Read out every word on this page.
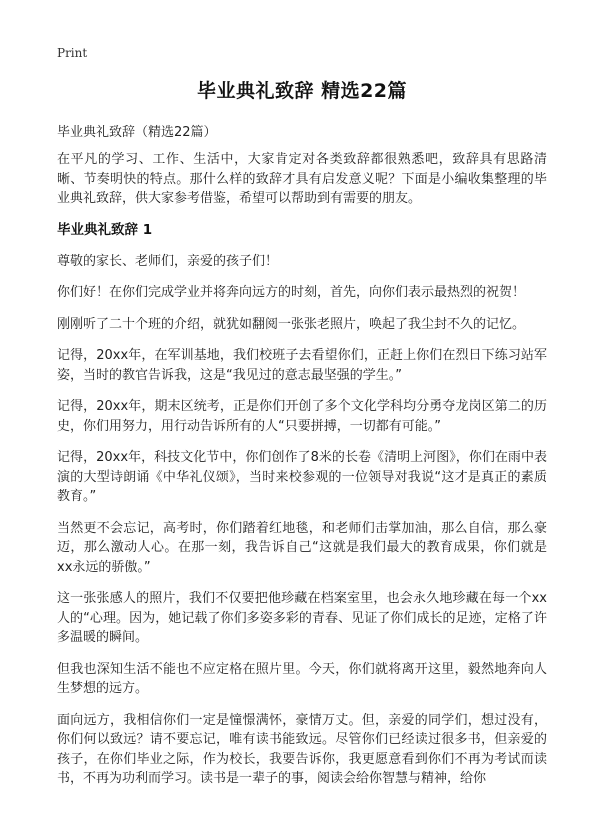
Print
毕业典礼致辞 精选22篇
毕业典礼致辞（精选22篇）

在平凡的学习、工作、生活中，大家肯定对各类致辞都很熟悉吧，致辞具有思路清晰、节奏明快的特点。那什么样的致辞才具有启发意义呢？下面是小编收集整理的毕业典礼致辞，供大家参考借鉴，希望可以帮助到有需要的朋友。

毕业典礼致辞 1

尊敬的家长、老师们，亲爱的孩子们！

你们好！在你们完成学业并将奔向远方的时刻，首先，向你们表示最热烈的祝贺！

刚刚听了二十个班的介绍，就犹如翻阅一张张老照片，唤起了我尘封不久的记忆。

记得，20xx年，在军训基地，我们校班子去看望你们，正赶上你们在烈日下练习站军姿，当时的教官告诉我，这是“我见过的意志最坚强的学生。”

记得，20xx年，期末区统考，正是你们开创了多个文化学科均分勇夺龙岗区第二的历史，你们用努力，用行动告诉所有的人“只要拼搏，一切都有可能。”

记得，20xx年，科技文化节中，你们创作了8米的长卷《清明上河图》，你们在雨中表演的大型诗朗诵《中华礼仪颂》，当时来校参观的一位领导对我说“这才是真正的素质教育。”

当然更不会忘记，高考时，你们踏着红地毯，和老师们击掌加油，那么自信，那么豪迈，那么激动人心。在那一刻，我告诉自己“这就是我们最大的教育成果，你们就是xx永远的骄傲。”

这一张张感人的照片，我们不仅要把他珍藏在档案室里，也会永久地珍藏在每一个xx人的“心理。因为，她记载了你们多姿多彩的青春、见证了你们成长的足迹，定格了许多温暖的瞬间。

但我也深知生活不能也不应定格在照片里。今天，你们就将离开这里，毅然地奔向人生梦想的远方。

面向远方，我相信你们一定是憧憬满怀，豪情万丈。但，亲爱的同学们，想过没有，你们何以致远？请不要忘记，唯有读书能致远。尽管你们已经读过很多书，但亲爱的孩子，在你们毕业之际，作为校长，我要告诉你，我更愿意看到你们不再为考试而读书，不再为功利而学习。读书是一辈子的事，阅读会给你智慧与精神，给你
